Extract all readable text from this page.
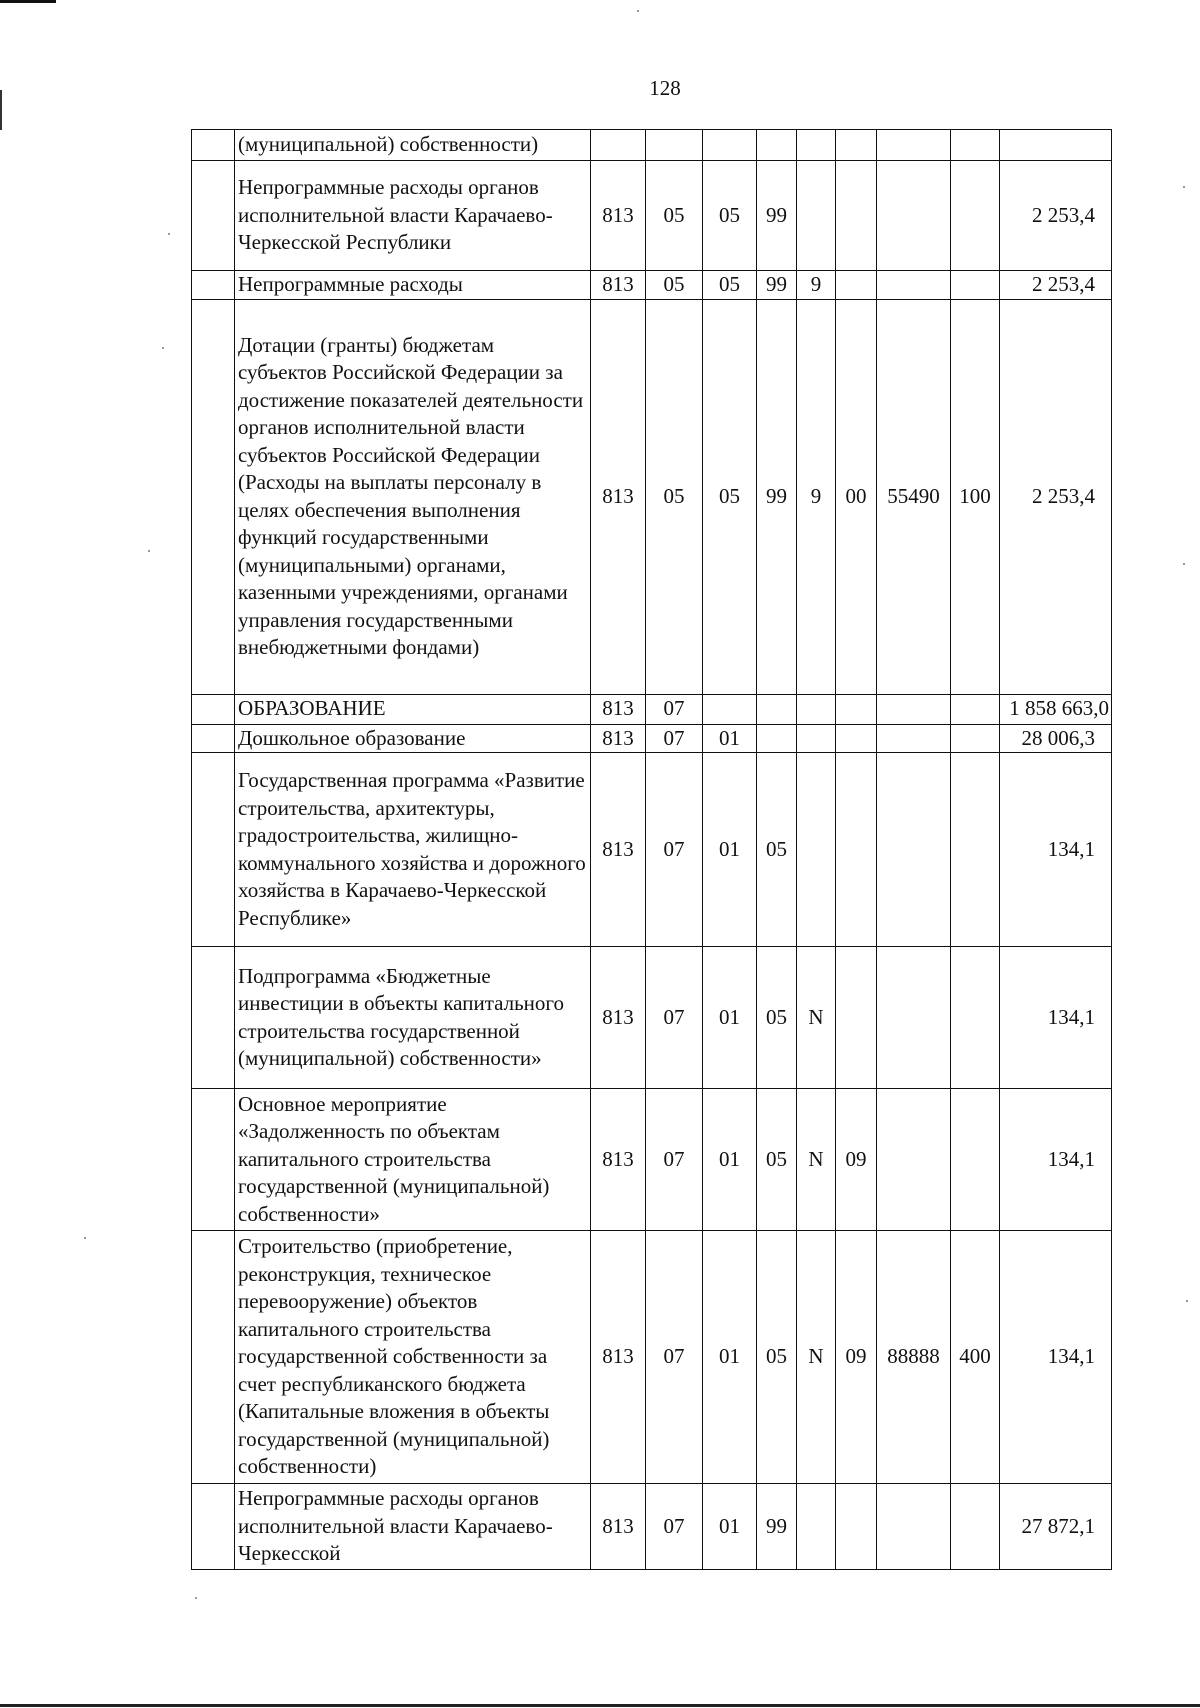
128
	(муниципальной) собственности)									
	Непрограммные расходы органов исполнительной власти Карачаево-Черкесской Республики	813	05	05	99					2 253,4
	Непрограммные расходы	813	05	05	99	9				2 253,4
	Дотации (гранты) бюджетам субъектов Российской Федерации за достижение показателей деятельности органов исполнительной власти субъектов Российской Федерации (Расходы на выплаты персоналу в целях обеспечения выполнения функций государственными (муниципальными) органами, казенными учреждениями, органами управления государственными внебюджетными фондами)	813	05	05	99	9	00	55490	100	2 253,4
	ОБРАЗОВАНИЕ	813	07							1 858 663,0
	Дошкольное образование	813	07	01						28 006,3
	Государственная программа «Развитие строительства, архитектуры, градостроительства, жилищно-коммунального хозяйства и дорожного хозяйства в Карачаево-Черкесской Республике»	813	07	01	05					134,1
	Подпрограмма «Бюджетные инвестиции в объекты капитального строительства государственной (муниципальной) собственности»	813	07	01	05	N				134,1
	Основное мероприятие «Задолженность по объектам капитального строительства государственной (муниципальной) собственности»	813	07	01	05	N	09			134,1
	Строительство (приобретение, реконструкция, техническое перевооружение) объектов капитального строительства государственной собственности за счет республиканского бюджета (Капитальные вложения в объекты государственной (муниципальной) собственности)	813	07	01	05	N	09	88888	400	134,1
	Непрограммные расходы органов исполнительной власти Карачаево-Черкесской	813	07	01	99					27 872,1
